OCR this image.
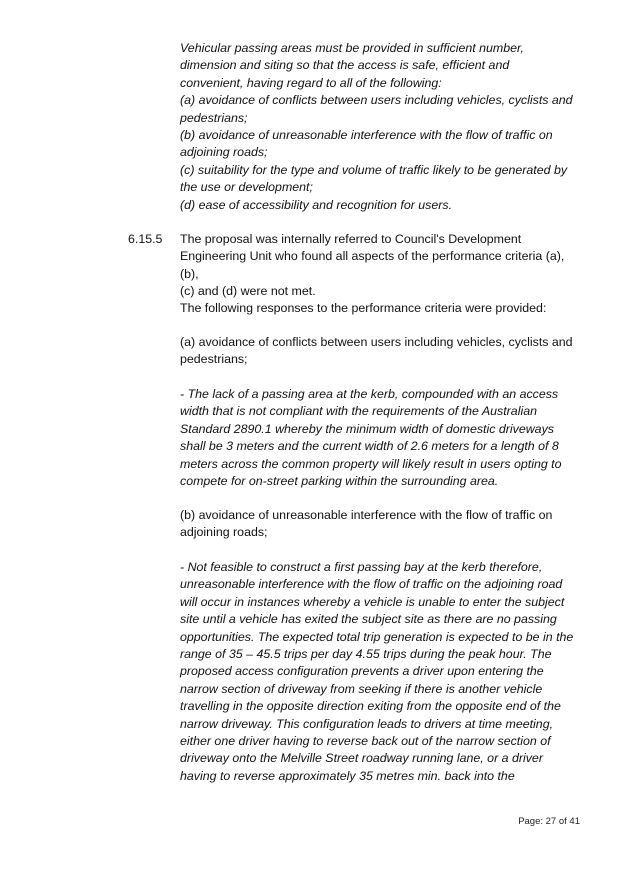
Vehicular passing areas must be provided in sufficient number,

dimension and siting so that the access is safe, efficient and

convenient, having regard to all of the following:

(a) avoidance of conflicts between users including vehicles, cyclists and

pedestrians;

(b) avoidance of unreasonable interference with the flow of traffic on

adjoining roads;

(c) suitability for the type and volume of traffic likely to be generated by

the use or development;

(d) ease of accessibility and recognition for users.

6.15.5 The proposal was internally referred to Council's Development

Engineering Unit who found all aspects of the performance criteria (a), (b),

(c) and (d) were not met.

The following responses to the performance criteria were provided:

(a) avoidance of conflicts between users including vehicles, cyclists and

pedestrians;

- The lack of a passing area at the kerb, compounded with an access

width that is not compliant with the requirements of the Australian

Standard 2890.1 whereby the minimum width of domestic driveways

shall be 3 meters and the current width of 2.6 meters for a length of 8

meters across the common property will likely result in users opting to

compete for on-street parking within the surrounding area.

(b) avoidance of unreasonable interference with the flow of traffic on

adjoining roads;

- Not feasible to construct a first passing bay at the kerb therefore,

unreasonable interference with the flow of traffic on the adjoining road

will occur in instances whereby a vehicle is unable to enter the subject

site until a vehicle has exited the subject site as there are no passing

opportunities. The expected total trip generation is expected to be in the

range of 35 – 45.5 trips per day 4.55 trips during the peak hour. The

proposed access configuration prevents a driver upon entering the

narrow section of driveway from seeking if there is another vehicle

travelling in the opposite direction exiting from the opposite end of the

narrow driveway. This configuration leads to drivers at time meeting,

either one driver having to reverse back out of the narrow section of

driveway onto the Melville Street roadway running lane, or a driver

having to reverse approximately 35 metres min. back into the

Page: 27 of 41
